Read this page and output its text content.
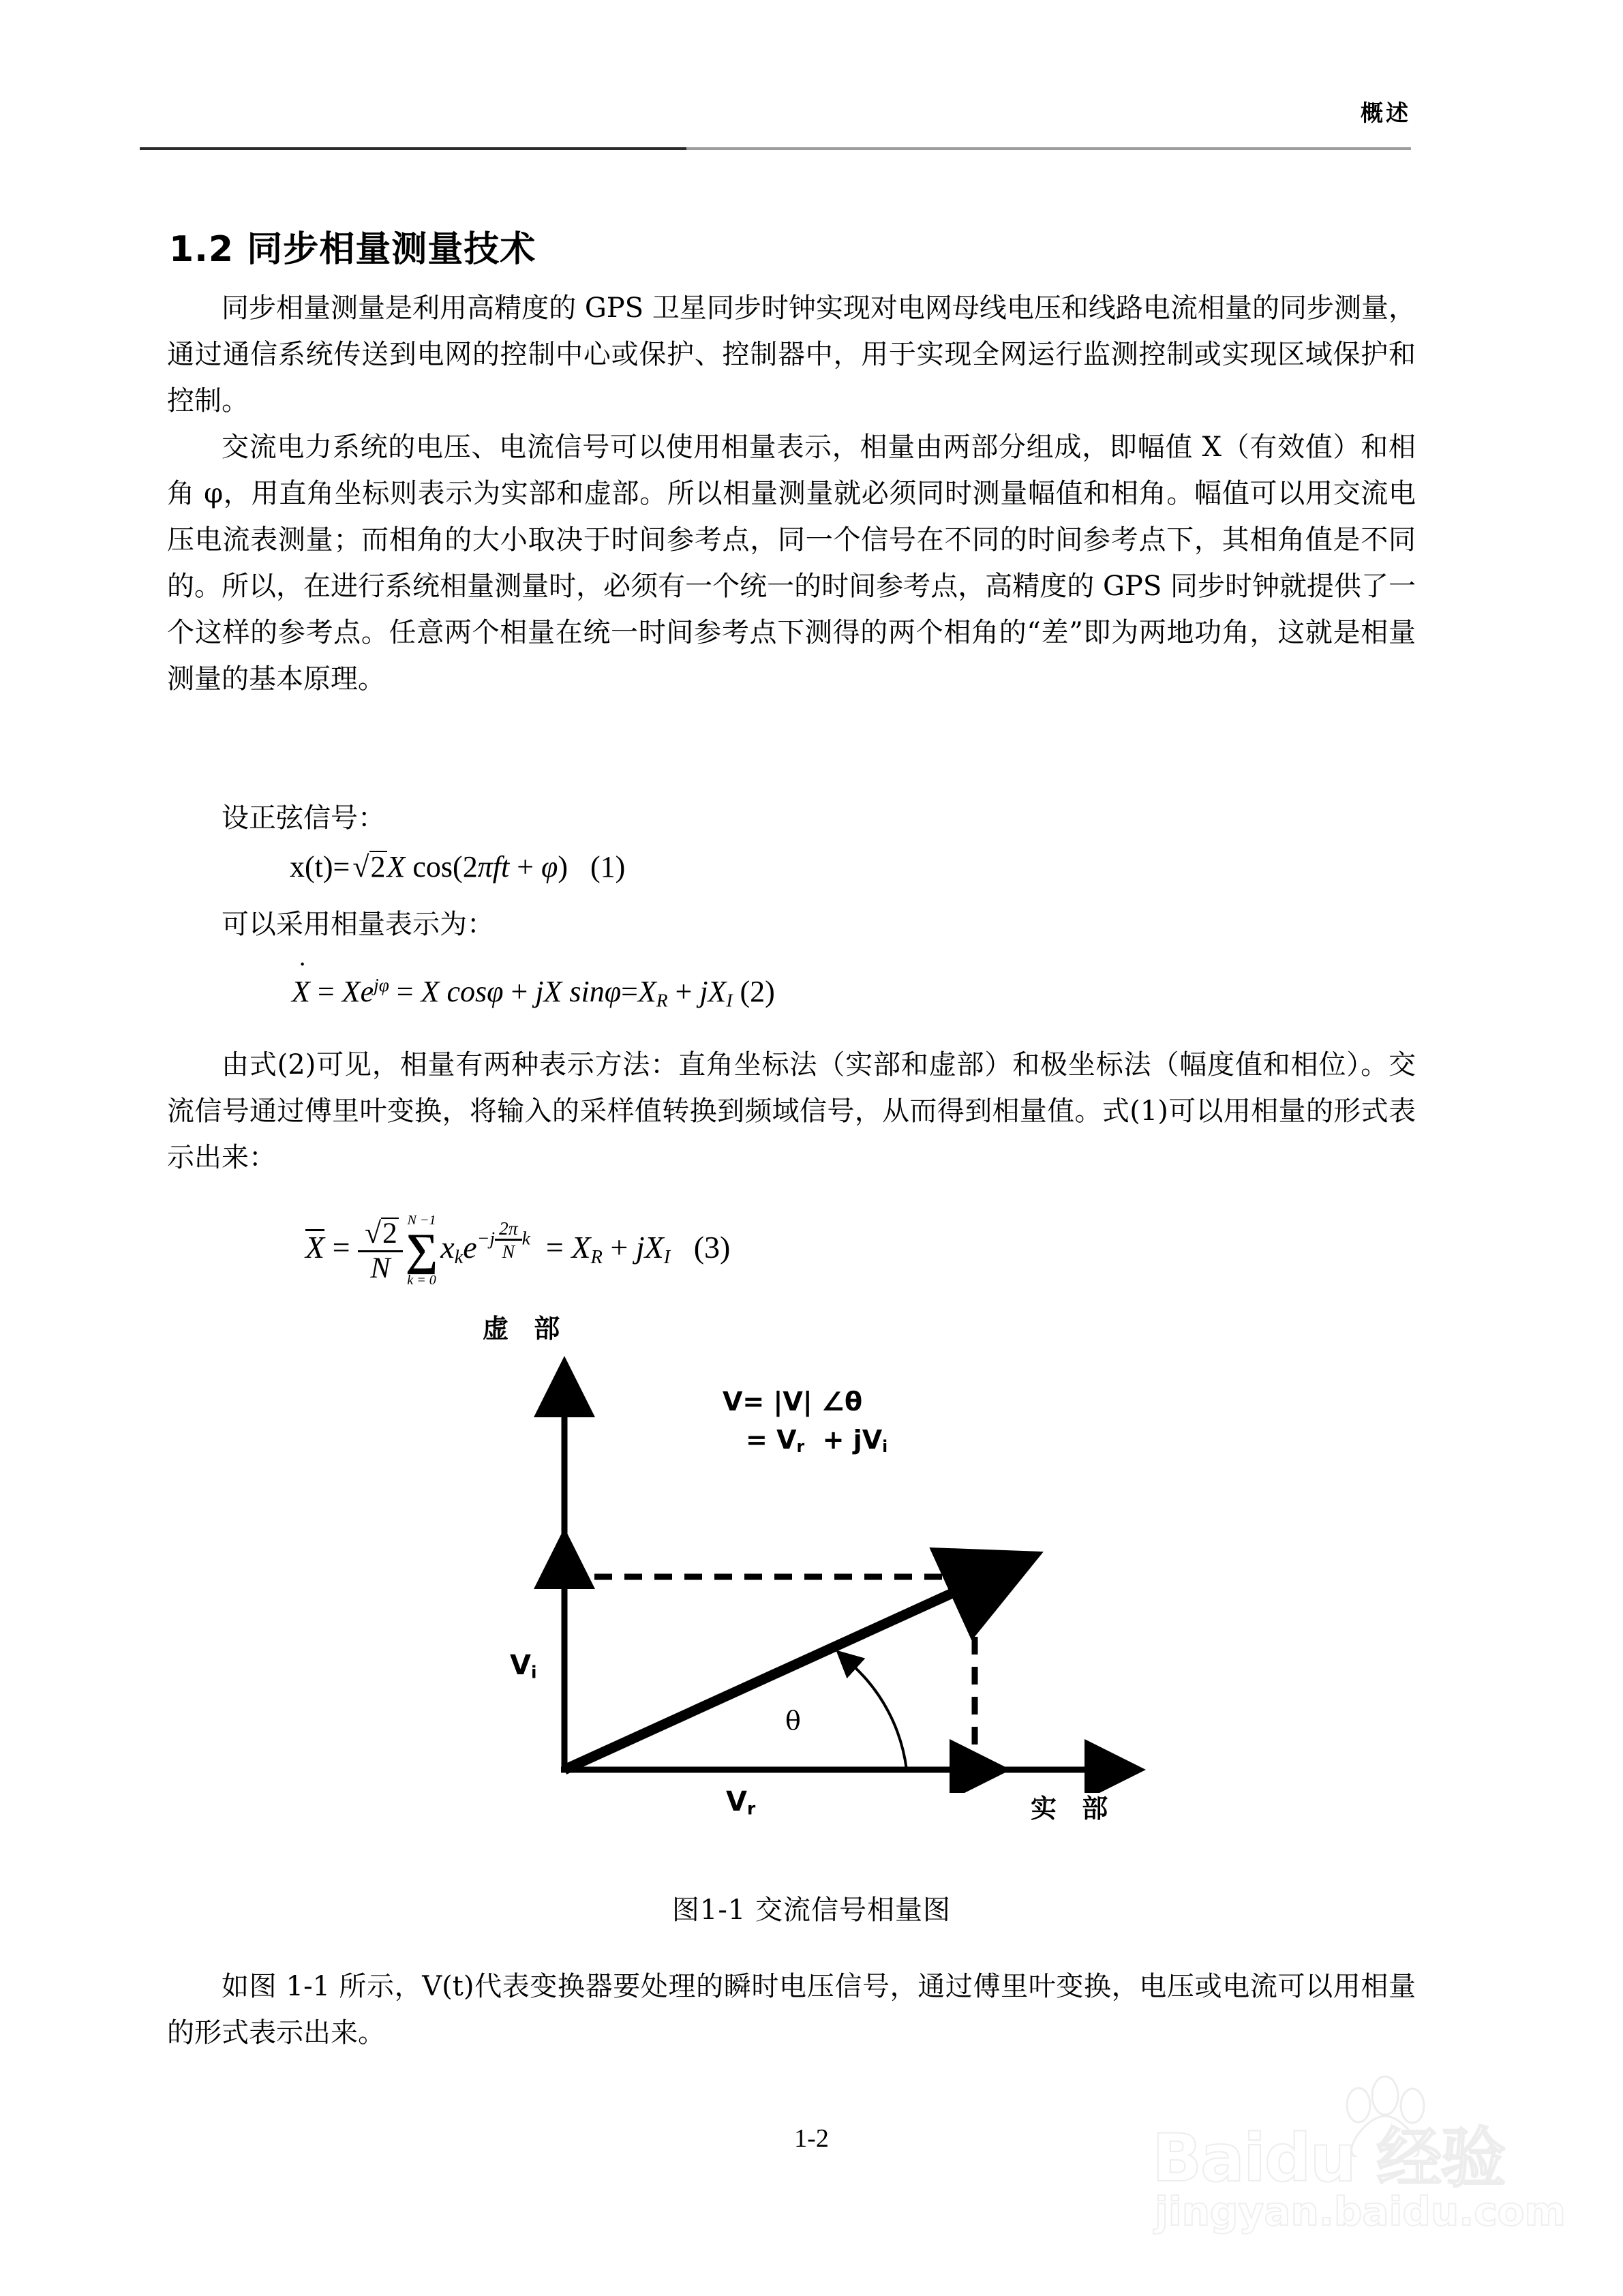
概述
1.2 同步相量测量技术

同步相量测量是利用高精度的 GPS 卫星同步时钟实现对电网母线电压和线路电流相量的同步测量，通过通信系统传送到电网的控制中心或保护、控制器中，用于实现全网运行监测控制或实现区域保护和控制。

交流电力系统的电压、电流信号可以使用相量表示，相量由两部分组成，即幅值 X（有效值）和相角 φ，用直角坐标则表示为实部和虚部。所以相量测量就必须同时测量幅值和相角。幅值可以用交流电压电流表测量；而相角的大小取决于时间参考点，同一个信号在不同的时间参考点下，其相角值是不同的。所以，在进行系统相量测量时，必须有一个统一的时间参考点，高精度的 GPS 同步时钟就提供了一个这样的参考点。任意两个相量在统一时间参考点下测得的两个相角的“差”即为两地功角，这就是相量测量的基本原理。

设正弦信号：

x(t)=√2X cos(2πft + φ) (1)

可以采用相量表示为：

˙ $X = Xe^{j\varphi} = X$ cosφ + jX $\sin\varphi=X_R + jX_I$ (2)

由式(2)可见，相量有两种表示方法：直角坐标法（实部和虚部）和极坐标法（幅度值和相位）。交流信号通过傅里叶变换，将输入的采样值转换到频域信号，从而得到相量值。式(1)可以用相量的形式表示出来：

$X = \frac{√2}{N}$ N −1
∑
k = 0
$x_ke-j \frac{2\pi}{N}$ $k = X_R + jX_I$ (3)
虚 部
实 部
Vi
Vr
θ
V= |V| ∠θ
= Vr + jVi
图1-1 交流信号相量图

如图 1-1 所示，V(t)代表变换器要处理的瞬时电压信号，通过傅里叶变换，电压或电流可以用相量的形式表示出来。

1-2	Baidu 经验
jingyan.baidu.com
